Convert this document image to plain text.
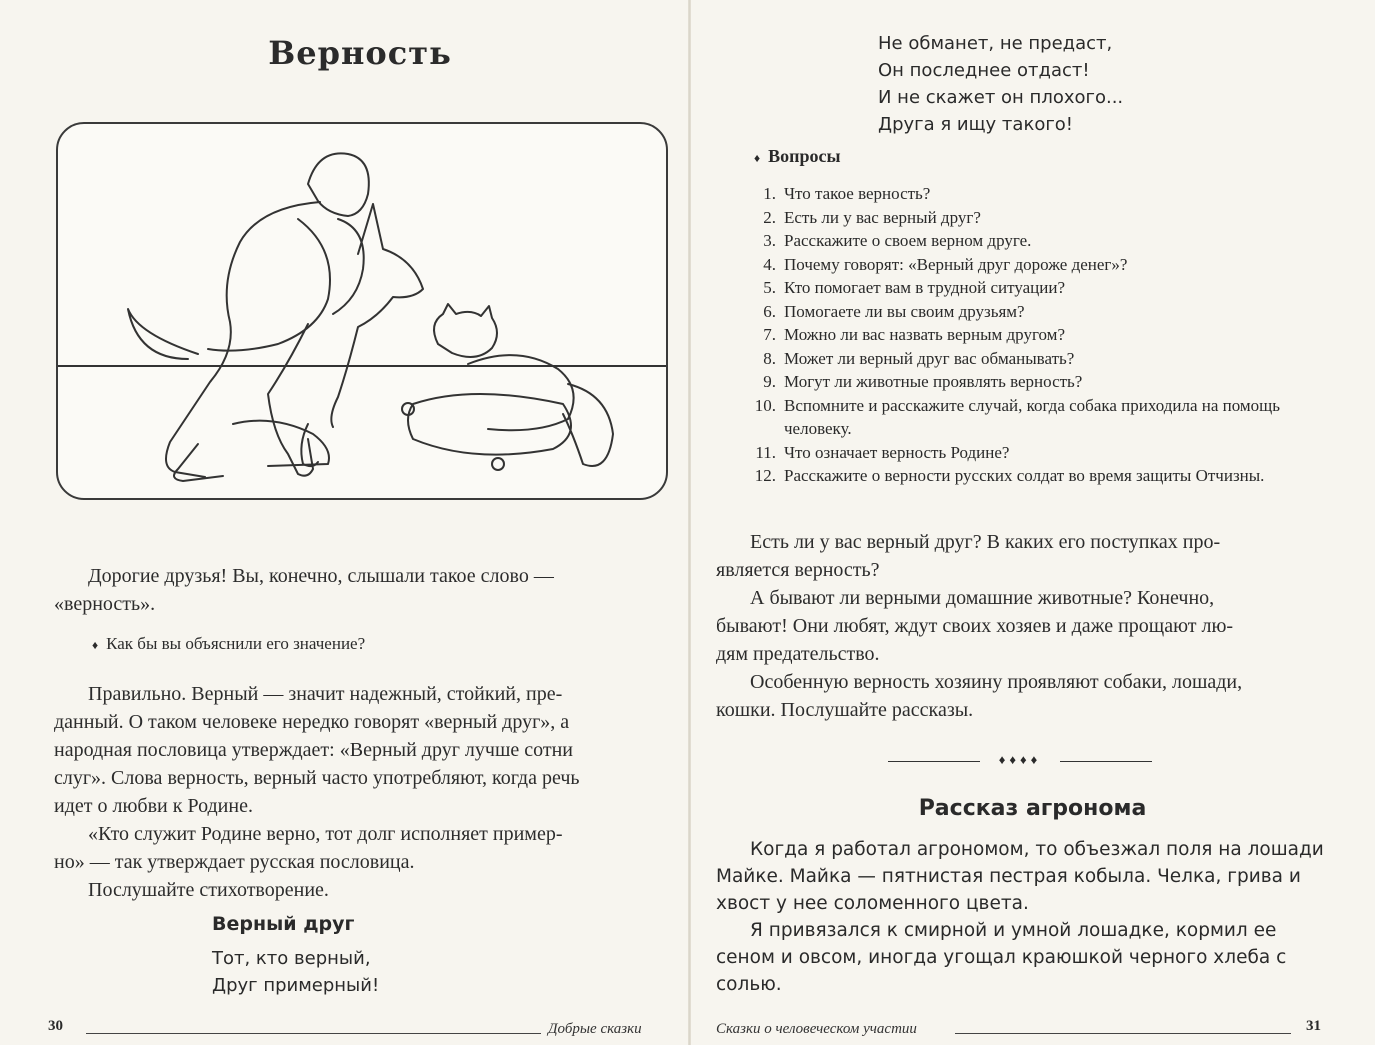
Верность
Дорогие друзья! Вы, конечно, слышали такое слово —
«верность».
♦ Как бы вы объяснили его значение?
Правильно. Верный — значит надежный, стойкий, пре-
данный. О таком человеке нередко говорят «верный друг», а
народная пословица утверждает: «Верный друг лучше сотни
слуг». Слова верность, верный часто употребляют, когда речь
идет о любви к Родине.
«Кто служит Родине верно, тот долг исполняет пример-
но» — так утверждает русская пословица.
Послушайте стихотворение.
Верный друг
Тот, кто верный,
Друг примерный!
30	Добрые сказки
Не обманет, не предаст,
Он последнее отдаст!
И не скажет он плохого...
Друга я ищу такого!
♦ Вопросы
1. Что такое верность?
2. Есть ли у вас верный друг?
3. Расскажите о своем верном друге.
4. Почему говорят: «Верный друг дороже денег»?
5. Кто помогает вам в трудной ситуации?
6. Помогаете ли вы своим друзьям?
7. Можно ли вас назвать верным другом?
8. Может ли верный друг вас обманывать?
9. Могут ли животные проявлять верность?
10. Вспомните и расскажите случай, когда собака приходила на помощь человеку.
11. Что означает верность Родине?
12. Расскажите о верности русских солдат во время защиты Отчизны.
Есть ли у вас верный друг? В каких его поступках про-
является верность?
А бывают ли верными домашние животные? Конечно,
бывают! Они любят, ждут своих хозяев и даже прощают лю-
дям предательство.
Особенную верность хозяину проявляют собаки, лошади,
кошки. Послушайте рассказы.
♦♦♦♦
Рассказ агронома
Когда я работал агрономом, то объезжал поля на лошади
Майке. Майка — пятнистая пестрая кобыла. Челка, грива и
хвост у нее соломенного цвета.
Я привязался к смирной и умной лошадке, кормил ее
сеном и овсом, иногда угощал краюшкой черного хлеба с
солью.
Сказки о человеческом участии	31
